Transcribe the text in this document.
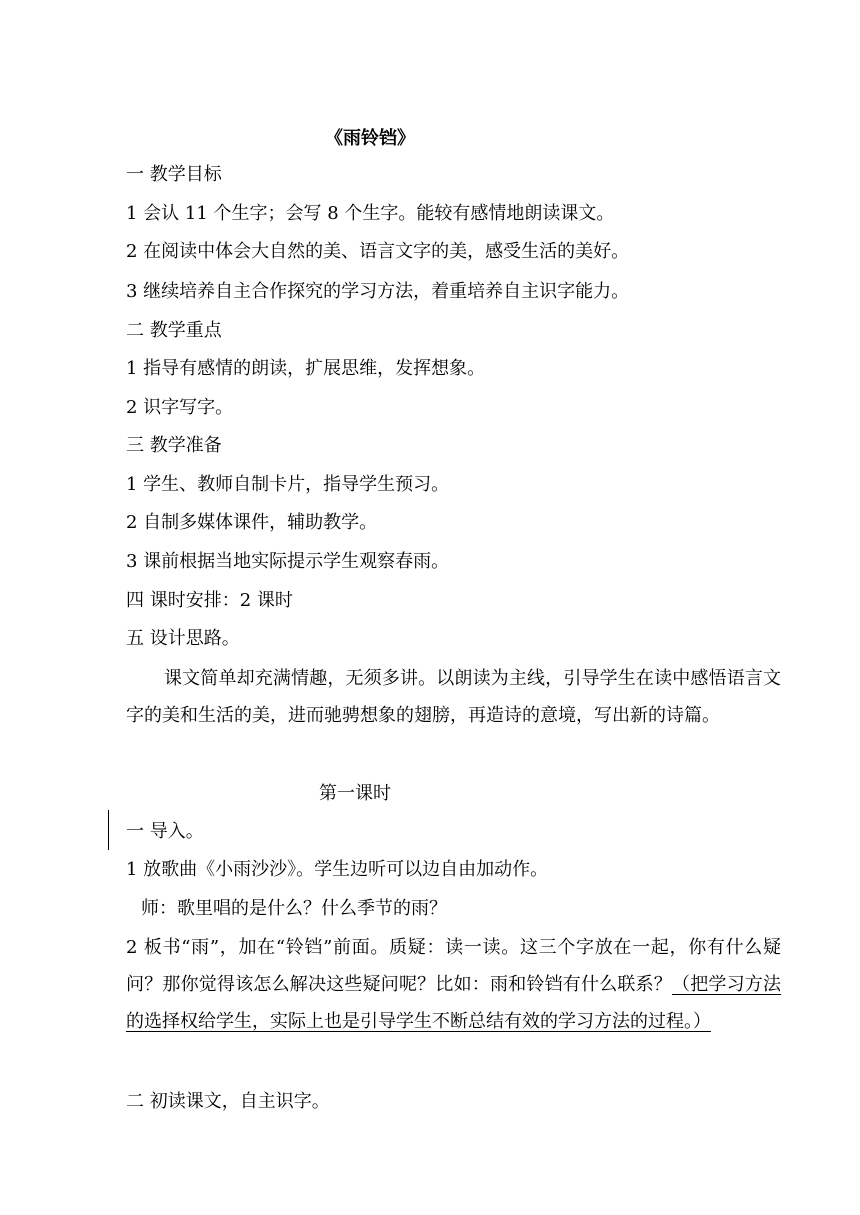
《雨铃铛》
一 教学目标
1 会认 11 个生字；会写 8 个生字。能较有感情地朗读课文。
2 在阅读中体会大自然的美、语言文字的美，感受生活的美好。
3 继续培养自主合作探究的学习方法，着重培养自主识字能力。
二 教学重点
1 指导有感情的朗读，扩展思维，发挥想象。
2 识字写字。
三 教学准备
1 学生、教师自制卡片，指导学生预习。
2 自制多媒体课件，辅助教学。
3 课前根据当地实际提示学生观察春雨。
四 课时安排：2 课时
五 设计思路。
课文简单却充满情趣，无须多讲。以朗读为主线，引导学生在读中感悟语言文字的美和生活的美，进而驰骋想象的翅膀，再造诗的意境，写出新的诗篇。
第一课时
一 导入。
1 放歌曲《小雨沙沙》。学生边听可以边自由加动作。
师：歌里唱的是什么？什么季节的雨？
2 板书“雨”，加在“铃铛”前面。质疑：读一读。这三个字放在一起，你有什么疑问？那你觉得该怎么解决这些疑问呢？比如：雨和铃铛有什么联系？（把学习方法的选择权给学生，实际上也是引导学生不断总结有效的学习方法的过程。）
二 初读课文，自主识字。
